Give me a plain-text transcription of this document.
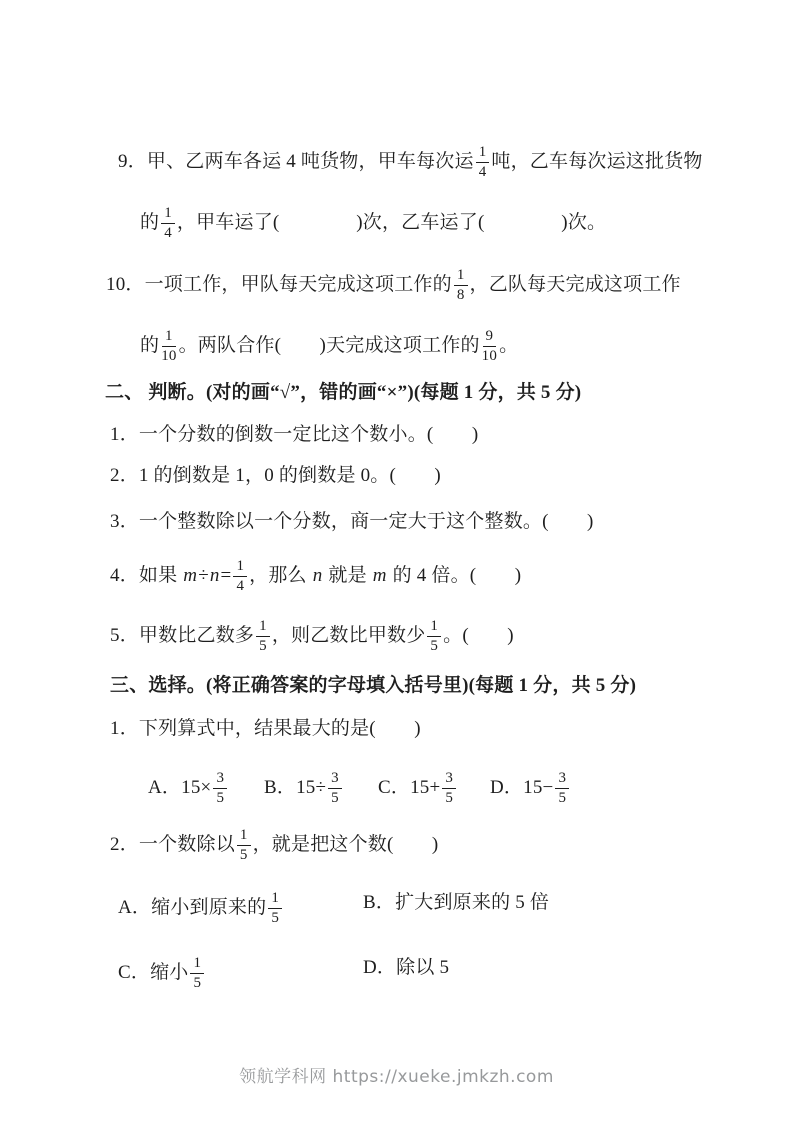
9．甲、乙两车各运 4 吨货物，甲车每次运 $\frac{1}{4}$ 吨，乙车每次运这批货物
的 $\frac{1}{4}$ ，甲车运了(　　　　)次，乙车运了(　　　　)次。
10．一项工作，甲队每天完成这项工作的 $\frac{1}{8}$ ，乙队每天完成这项工作
的 $\frac{1}{10}$ 。两队合作(　　)天完成这项工作的 $\frac{9}{10}$ 。
二、 判断。(对的画“√”，错的画“×”)(每题 1 分，共 5 分)
1．一个分数的倒数一定比这个数小。(　　)
2．1 的倒数是 1，0 的倒数是 0。(　　)
3．一个整数除以一个分数，商一定大于这个整数。(　　)
4．如果 $m\div n= \frac{1}{4}$ ，那么 n 就是 m 的 4 倍。(　　)
5．甲数比乙数多 $\frac{1}{5}$ ，则乙数比甲数少 $\frac{1}{5}$ 。(　　)
三、选择。(将正确答案的字母填入括号里)(每题 1 分，共 5 分)
1．下列算式中，结果最大的是(　　)
A．$15\times \frac{3}{5}$ B．$15\div \frac{3}{5}$ C．$15+ \frac{3}{5}$ D．$15- \frac{3}{5}$
2．一个数除以 $\frac{1}{5}$ ，就是把这个数(　　)
A．缩小到原来的 $\frac{1}{5}$	B．扩大到原来的 5 倍
C．缩小 $\frac{1}{5}$	D．除以 5
领航学科网 https://xueke.jmkzh.com
